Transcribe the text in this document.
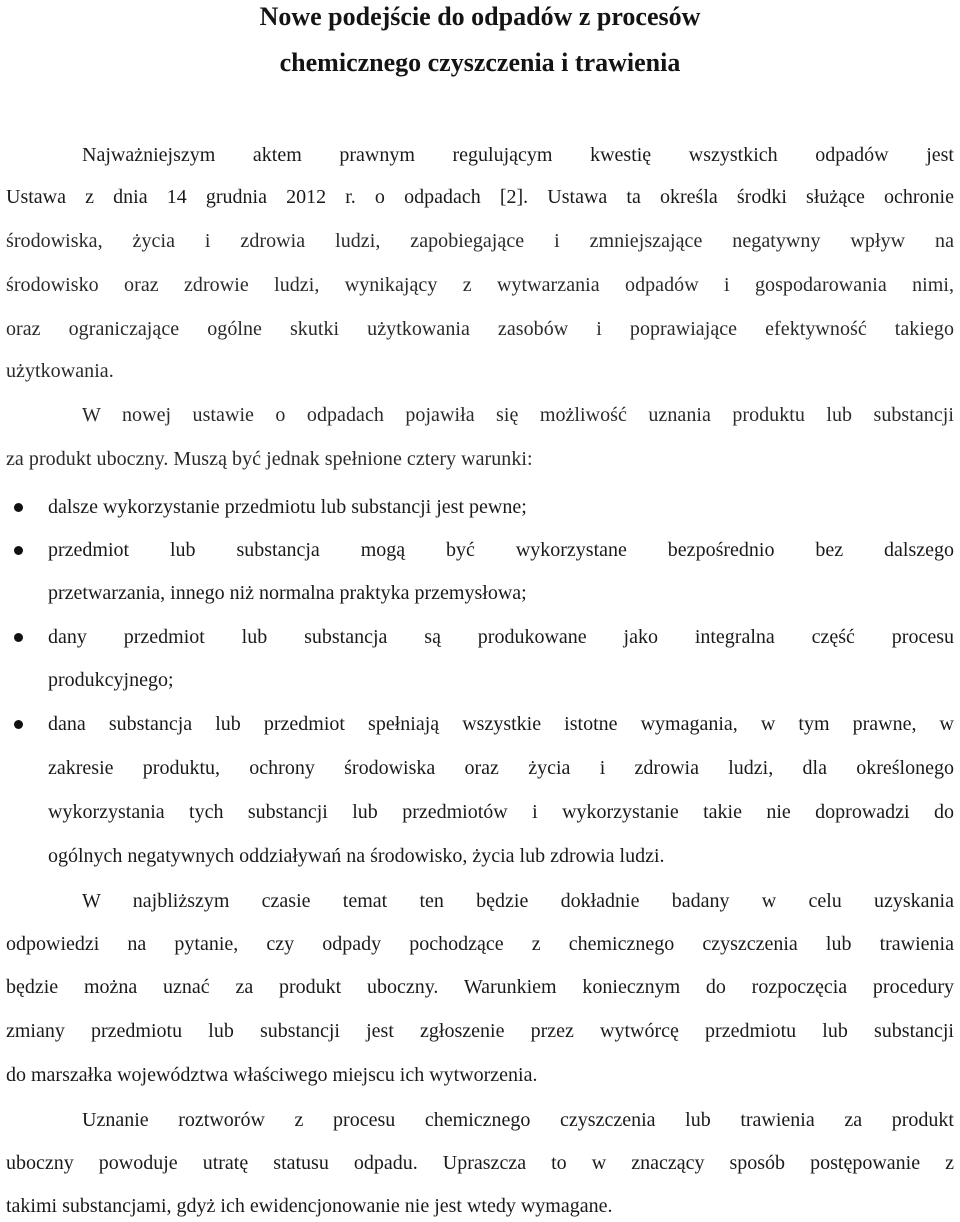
Nowe podejście do odpadów z procesów
chemicznego czyszczenia i trawienia
Najważniejszym aktem prawnym regulującym kwestię wszystkich odpadów jest
Ustawa z dnia 14 grudnia 2012 r. o odpadach [2]. Ustawa ta określa środki służące ochronie
środowiska, życia i zdrowia ludzi, zapobiegające i zmniejszające negatywny wpływ na
środowisko oraz zdrowie ludzi, wynikający z wytwarzania odpadów i gospodarowania nimi,
oraz ograniczające ogólne skutki użytkowania zasobów i poprawiające efektywność takiego
użytkowania.
W nowej ustawie o odpadach pojawiła się możliwość uznania produktu lub substancji
za produkt uboczny. Muszą być jednak spełnione cztery warunki:
dalsze wykorzystanie przedmiotu lub substancji jest pewne;
przedmiot lub substancja mogą być wykorzystane bezpośrednio bez dalszego
przetwarzania, innego niż normalna praktyka przemysłowa;
dany przedmiot lub substancja są produkowane jako integralna część procesu
produkcyjnego;
dana substancja lub przedmiot spełniają wszystkie istotne wymagania, w tym prawne, w
zakresie produktu, ochrony środowiska oraz życia i zdrowia ludzi, dla określonego
wykorzystania tych substancji lub przedmiotów i wykorzystanie takie nie doprowadzi do
ogólnych negatywnych oddziaływań na środowisko, życia lub zdrowia ludzi.
W najbliższym czasie temat ten będzie dokładnie badany w celu uzyskania
odpowiedzi na pytanie, czy odpady pochodzące z chemicznego czyszczenia lub trawienia
będzie można uznać za produkt uboczny. Warunkiem koniecznym do rozpoczęcia procedury
zmiany przedmiotu lub substancji jest zgłoszenie przez wytwórcę przedmiotu lub substancji
do marszałka województwa właściwego miejscu ich wytworzenia.
Uznanie roztworów z procesu chemicznego czyszczenia lub trawienia za produkt
uboczny powoduje utratę statusu odpadu. Upraszcza to w znaczący sposób postępowanie z
takimi substancjami, gdyż ich ewidencjonowanie nie jest wtedy wymagane.
